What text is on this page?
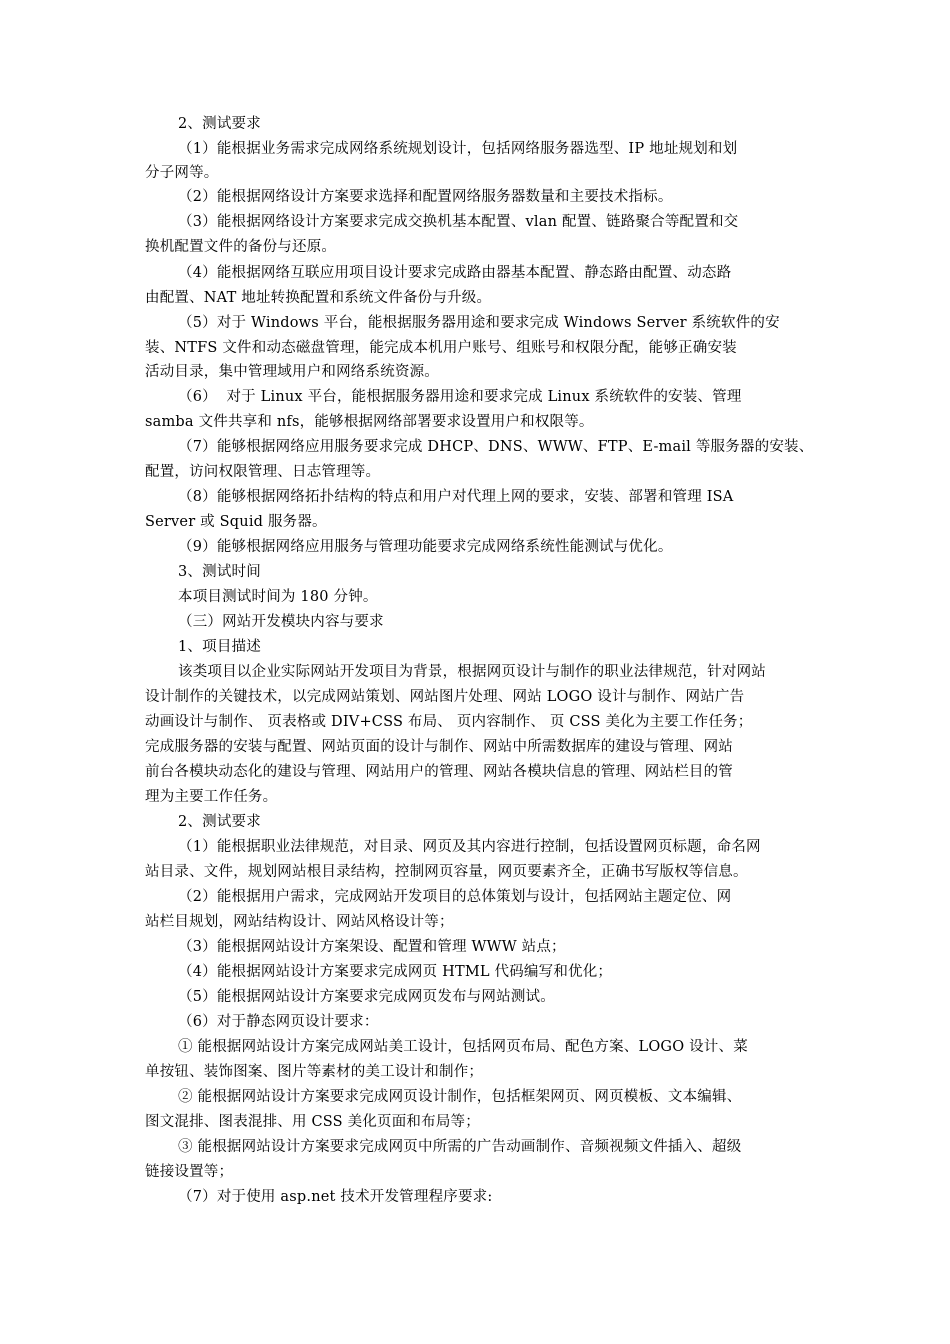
2、测试要求
（1）能根据业务需求完成网络系统规划设计，包括网络服务器选型、IP 地址规划和划
分子网等。
（2）能根据网络设计方案要求选择和配置网络服务器数量和主要技术指标。
（3）能根据网络设计方案要求完成交换机基本配置、vlan 配置、链路聚合等配置和交
换机配置文件的备份与还原。
（4）能根据网络互联应用项目设计要求完成路由器基本配置、静态路由配置、动态路
由配置、NAT 地址转换配置和系统文件备份与升级。
（5）对于 Windows 平台，能根据服务器用途和要求完成 Windows Server 系统软件的安
装、NTFS 文件和动态磁盘管理，能完成本机用户账号、组账号和权限分配，能够正确安装
活动目录，集中管理域用户和网络系统资源。
（6）  对于 Linux 平台，能根据服务器用途和要求完成 Linux 系统软件的安装、管理
samba 文件共享和 nfs，能够根据网络部署要求设置用户和权限等。
（7）能够根据网络应用服务要求完成 DHCP、DNS、WWW、FTP、E-mail 等服务器的安装、
配置，访问权限管理、日志管理等。
（8）能够根据网络拓扑结构的特点和用户对代理上网的要求，安装、部署和管理 ISA
Server 或 Squid 服务器。
（9）能够根据网络应用服务与管理功能要求完成网络系统性能测试与优化。
3、测试时间
本项目测试时间为 180 分钟。
（三）网站开发模块内容与要求
1、项目描述
该类项目以企业实际网站开发项目为背景，根据网页设计与制作的职业法律规范，针对网站
设计制作的关键技术，以完成网站策划、网站图片处理、网站 LOGO 设计与制作、网站广告
动画设计与制作、 页表格或 DIV+CSS 布局、 页内容制作、 页 CSS 美化为主要工作任务；
完成服务器的安装与配置、网站页面的设计与制作、网站中所需数据库的建设与管理、网站
前台各模块动态化的建设与管理、网站用户的管理、网站各模块信息的管理、网站栏目的管
理为主要工作任务。
2、测试要求
（1）能根据职业法律规范，对目录、网页及其内容进行控制，包括设置网页标题，命名网
站目录、文件，规划网站根目录结构，控制网页容量，网页要素齐全，正确书写版权等信息。
（2）能根据用户需求，完成网站开发项目的总体策划与设计，包括网站主题定位、网
站栏目规划，网站结构设计、网站风格设计等；
（3）能根据网站设计方案架设、配置和管理 WWW 站点；
（4）能根据网站设计方案要求完成网页 HTML 代码编写和优化；
（5）能根据网站设计方案要求完成网页发布与网站测试。
（6）对于静态网页设计要求：
① 能根据网站设计方案完成网站美工设计，包括网页布局、配色方案、LOGO 设计、菜
单按钮、装饰图案、图片等素材的美工设计和制作；
② 能根据网站设计方案要求完成网页设计制作，包括框架网页、网页模板、文本编辑、
图文混排、图表混排、用 CSS 美化页面和布局等；
③ 能根据网站设计方案要求完成网页中所需的广告动画制作、音频视频文件插入、超级
链接设置等；
（7）对于使用 asp.net 技术开发管理程序要求:
